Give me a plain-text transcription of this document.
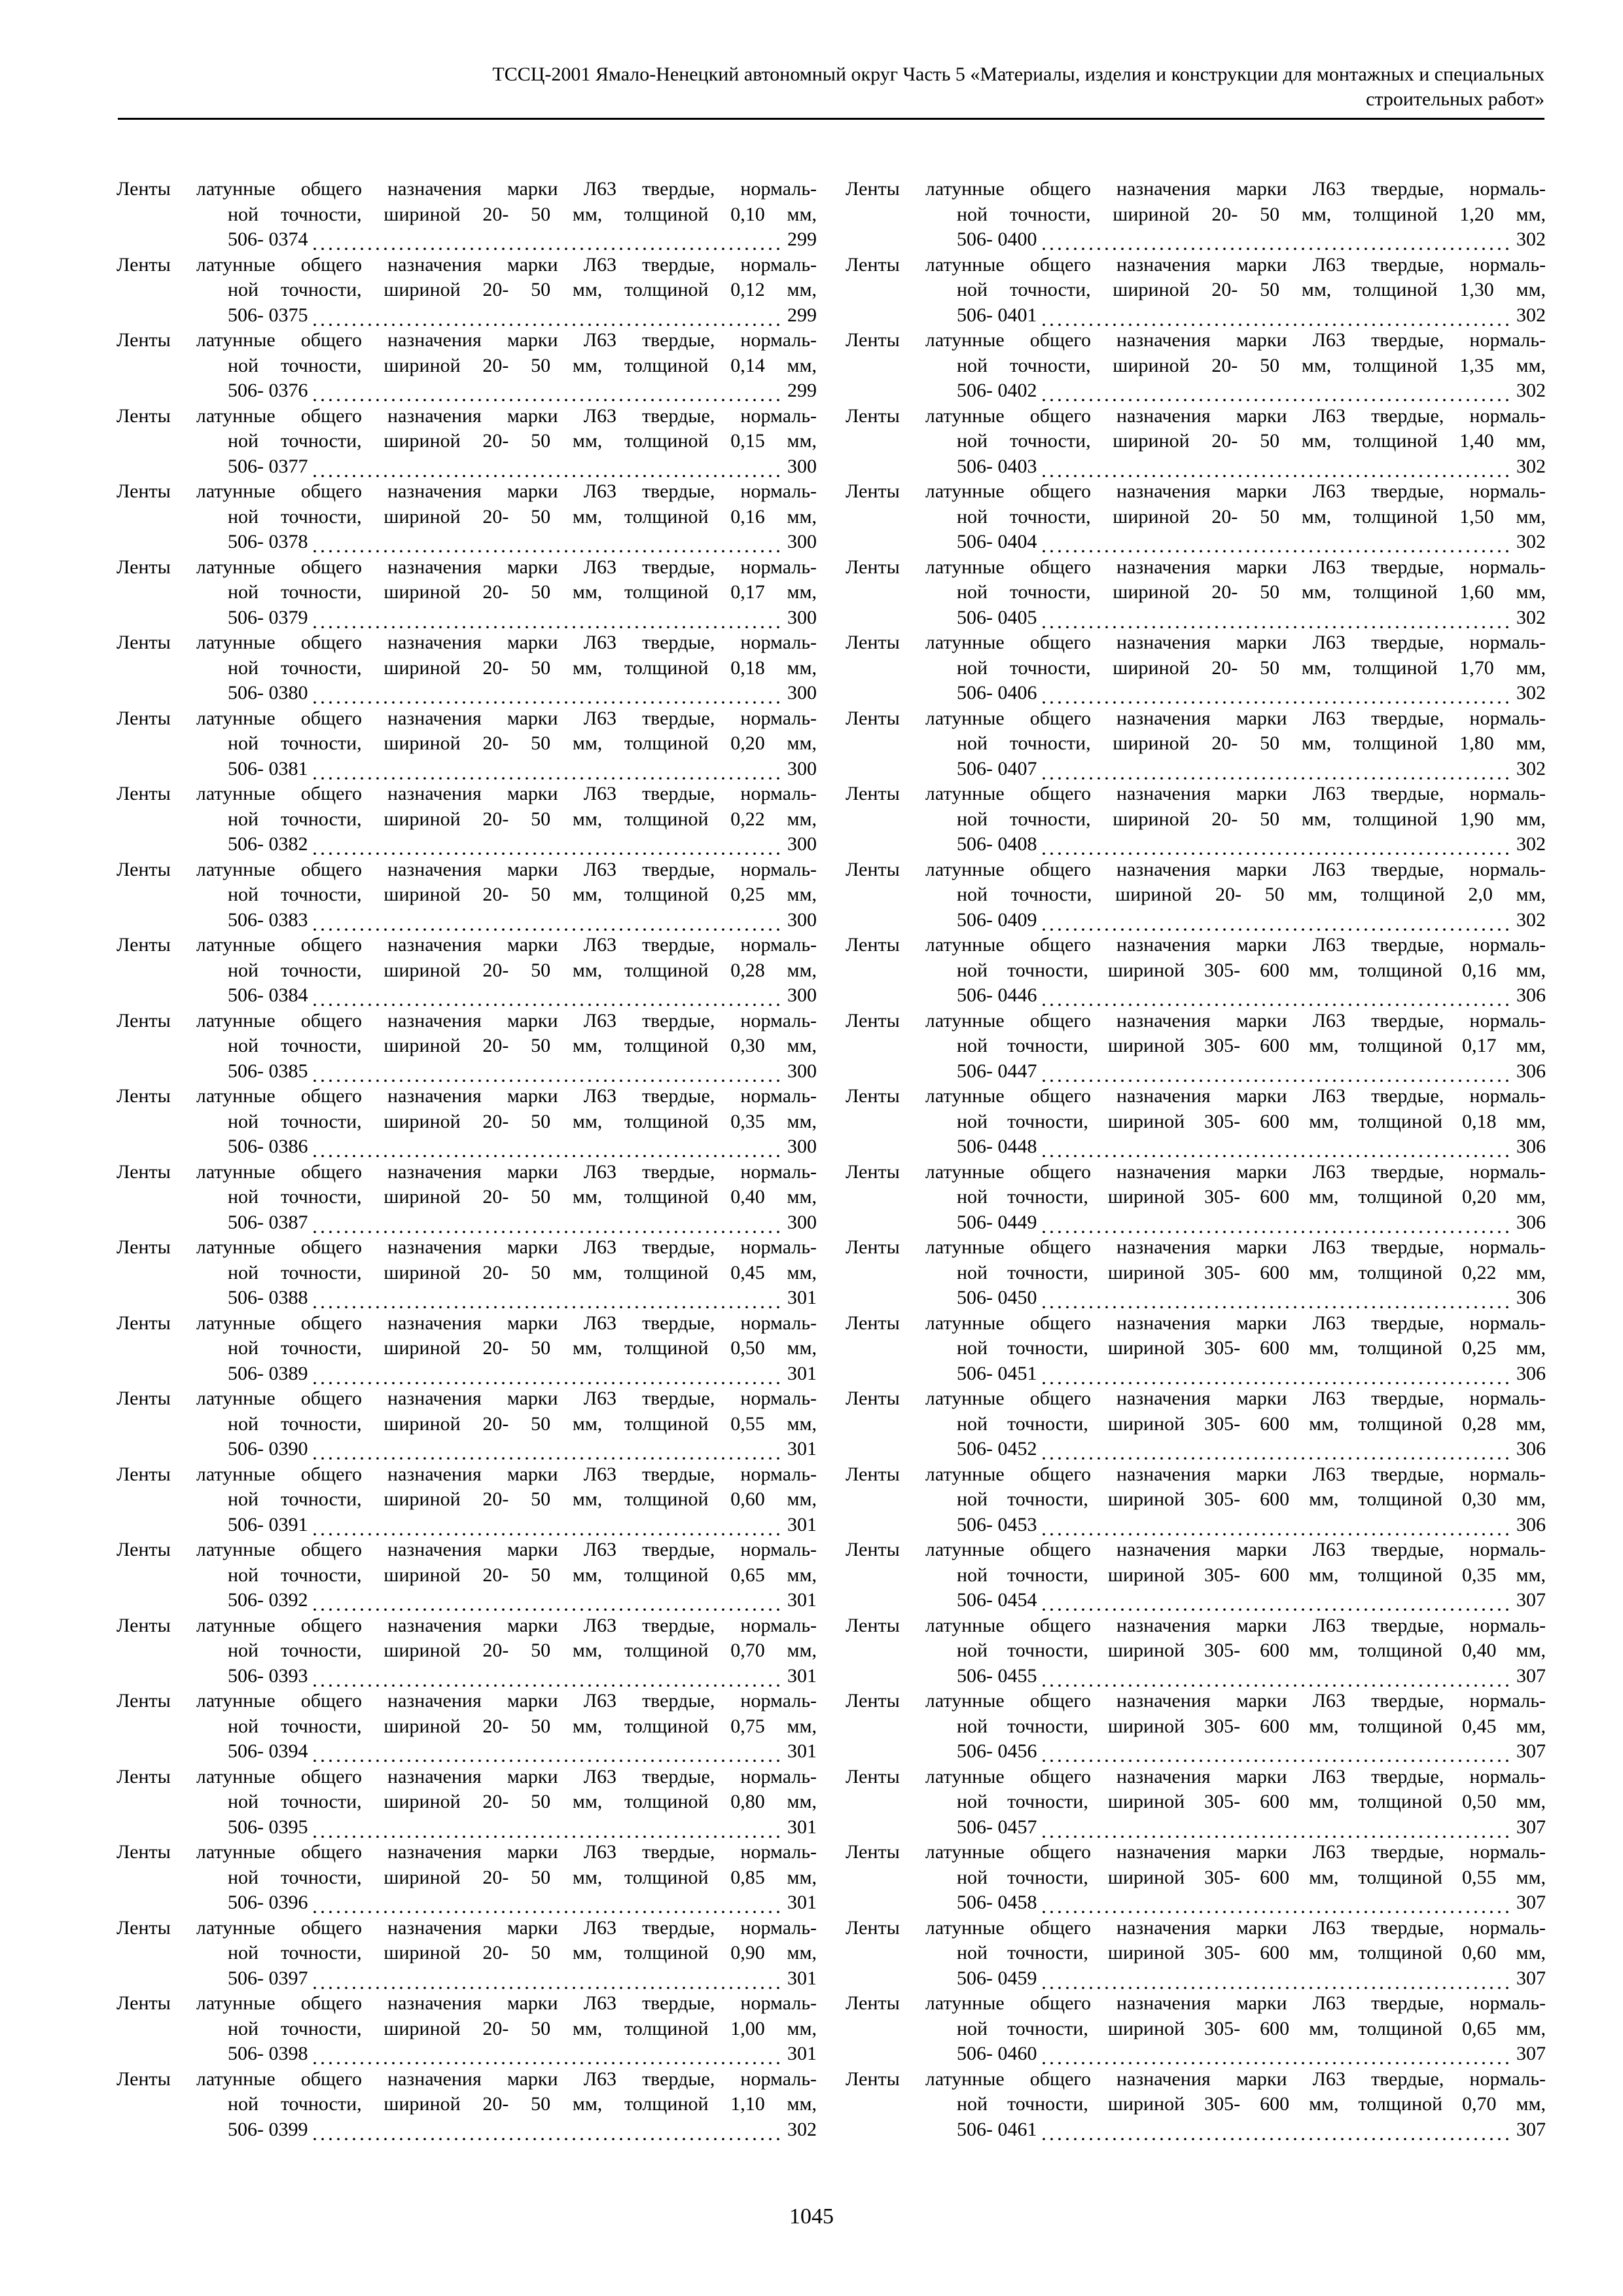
ТССЦ-2001 Ямало-Ненецкий автономный округ Часть 5 «Материалы, изделия и конструкции для монтажных и специальных
строительных работ»
Ленты латунные общего назначения марки Л63 твердые, нормаль-
ной точности, шириной 20- 50 мм, толщиной 0,10 мм,
506- 0374	299
Ленты латунные общего назначения марки Л63 твердые, нормаль-
ной точности, шириной 20- 50 мм, толщиной 0,12 мм,
506- 0375	299
Ленты латунные общего назначения марки Л63 твердые, нормаль-
ной точности, шириной 20- 50 мм, толщиной 0,14 мм,
506- 0376	299
Ленты латунные общего назначения марки Л63 твердые, нормаль-
ной точности, шириной 20- 50 мм, толщиной 0,15 мм,
506- 0377	300
Ленты латунные общего назначения марки Л63 твердые, нормаль-
ной точности, шириной 20- 50 мм, толщиной 0,16 мм,
506- 0378	300
Ленты латунные общего назначения марки Л63 твердые, нормаль-
ной точности, шириной 20- 50 мм, толщиной 0,17 мм,
506- 0379	300
Ленты латунные общего назначения марки Л63 твердые, нормаль-
ной точности, шириной 20- 50 мм, толщиной 0,18 мм,
506- 0380	300
Ленты латунные общего назначения марки Л63 твердые, нормаль-
ной точности, шириной 20- 50 мм, толщиной 0,20 мм,
506- 0381	300
Ленты латунные общего назначения марки Л63 твердые, нормаль-
ной точности, шириной 20- 50 мм, толщиной 0,22 мм,
506- 0382	300
Ленты латунные общего назначения марки Л63 твердые, нормаль-
ной точности, шириной 20- 50 мм, толщиной 0,25 мм,
506- 0383	300
Ленты латунные общего назначения марки Л63 твердые, нормаль-
ной точности, шириной 20- 50 мм, толщиной 0,28 мм,
506- 0384	300
Ленты латунные общего назначения марки Л63 твердые, нормаль-
ной точности, шириной 20- 50 мм, толщиной 0,30 мм,
506- 0385	300
Ленты латунные общего назначения марки Л63 твердые, нормаль-
ной точности, шириной 20- 50 мм, толщиной 0,35 мм,
506- 0386	300
Ленты латунные общего назначения марки Л63 твердые, нормаль-
ной точности, шириной 20- 50 мм, толщиной 0,40 мм,
506- 0387	300
Ленты латунные общего назначения марки Л63 твердые, нормаль-
ной точности, шириной 20- 50 мм, толщиной 0,45 мм,
506- 0388	301
Ленты латунные общего назначения марки Л63 твердые, нормаль-
ной точности, шириной 20- 50 мм, толщиной 0,50 мм,
506- 0389	301
Ленты латунные общего назначения марки Л63 твердые, нормаль-
ной точности, шириной 20- 50 мм, толщиной 0,55 мм,
506- 0390	301
Ленты латунные общего назначения марки Л63 твердые, нормаль-
ной точности, шириной 20- 50 мм, толщиной 0,60 мм,
506- 0391	301
Ленты латунные общего назначения марки Л63 твердые, нормаль-
ной точности, шириной 20- 50 мм, толщиной 0,65 мм,
506- 0392	301
Ленты латунные общего назначения марки Л63 твердые, нормаль-
ной точности, шириной 20- 50 мм, толщиной 0,70 мм,
506- 0393	301
Ленты латунные общего назначения марки Л63 твердые, нормаль-
ной точности, шириной 20- 50 мм, толщиной 0,75 мм,
506- 0394	301
Ленты латунные общего назначения марки Л63 твердые, нормаль-
ной точности, шириной 20- 50 мм, толщиной 0,80 мм,
506- 0395	301
Ленты латунные общего назначения марки Л63 твердые, нормаль-
ной точности, шириной 20- 50 мм, толщиной 0,85 мм,
506- 0396	301
Ленты латунные общего назначения марки Л63 твердые, нормаль-
ной точности, шириной 20- 50 мм, толщиной 0,90 мм,
506- 0397	301
Ленты латунные общего назначения марки Л63 твердые, нормаль-
ной точности, шириной 20- 50 мм, толщиной 1,00 мм,
506- 0398	301
Ленты латунные общего назначения марки Л63 твердые, нормаль-
ной точности, шириной 20- 50 мм, толщиной 1,10 мм,
506- 0399	302
Ленты латунные общего назначения марки Л63 твердые, нормаль-
ной точности, шириной 20- 50 мм, толщиной 1,20 мм,
506- 0400	302
Ленты латунные общего назначения марки Л63 твердые, нормаль-
ной точности, шириной 20- 50 мм, толщиной 1,30 мм,
506- 0401	302
Ленты латунные общего назначения марки Л63 твердые, нормаль-
ной точности, шириной 20- 50 мм, толщиной 1,35 мм,
506- 0402	302
Ленты латунные общего назначения марки Л63 твердые, нормаль-
ной точности, шириной 20- 50 мм, толщиной 1,40 мм,
506- 0403	302
Ленты латунные общего назначения марки Л63 твердые, нормаль-
ной точности, шириной 20- 50 мм, толщиной 1,50 мм,
506- 0404	302
Ленты латунные общего назначения марки Л63 твердые, нормаль-
ной точности, шириной 20- 50 мм, толщиной 1,60 мм,
506- 0405	302
Ленты латунные общего назначения марки Л63 твердые, нормаль-
ной точности, шириной 20- 50 мм, толщиной 1,70 мм,
506- 0406	302
Ленты латунные общего назначения марки Л63 твердые, нормаль-
ной точности, шириной 20- 50 мм, толщиной 1,80 мм,
506- 0407	302
Ленты латунные общего назначения марки Л63 твердые, нормаль-
ной точности, шириной 20- 50 мм, толщиной 1,90 мм,
506- 0408	302
Ленты латунные общего назначения марки Л63 твердые, нормаль-
ной точности, шириной 20- 50 мм, толщиной 2,0 мм,
506- 0409	302
Ленты латунные общего назначения марки Л63 твердые, нормаль-
ной точности, шириной 305- 600 мм, толщиной 0,16 мм,
506- 0446	306
Ленты латунные общего назначения марки Л63 твердые, нормаль-
ной точности, шириной 305- 600 мм, толщиной 0,17 мм,
506- 0447	306
Ленты латунные общего назначения марки Л63 твердые, нормаль-
ной точности, шириной 305- 600 мм, толщиной 0,18 мм,
506- 0448	306
Ленты латунные общего назначения марки Л63 твердые, нормаль-
ной точности, шириной 305- 600 мм, толщиной 0,20 мм,
506- 0449	306
Ленты латунные общего назначения марки Л63 твердые, нормаль-
ной точности, шириной 305- 600 мм, толщиной 0,22 мм,
506- 0450	306
Ленты латунные общего назначения марки Л63 твердые, нормаль-
ной точности, шириной 305- 600 мм, толщиной 0,25 мм,
506- 0451	306
Ленты латунные общего назначения марки Л63 твердые, нормаль-
ной точности, шириной 305- 600 мм, толщиной 0,28 мм,
506- 0452	306
Ленты латунные общего назначения марки Л63 твердые, нормаль-
ной точности, шириной 305- 600 мм, толщиной 0,30 мм,
506- 0453	306
Ленты латунные общего назначения марки Л63 твердые, нормаль-
ной точности, шириной 305- 600 мм, толщиной 0,35 мм,
506- 0454	307
Ленты латунные общего назначения марки Л63 твердые, нормаль-
ной точности, шириной 305- 600 мм, толщиной 0,40 мм,
506- 0455	307
Ленты латунные общего назначения марки Л63 твердые, нормаль-
ной точности, шириной 305- 600 мм, толщиной 0,45 мм,
506- 0456	307
Ленты латунные общего назначения марки Л63 твердые, нормаль-
ной точности, шириной 305- 600 мм, толщиной 0,50 мм,
506- 0457	307
Ленты латунные общего назначения марки Л63 твердые, нормаль-
ной точности, шириной 305- 600 мм, толщиной 0,55 мм,
506- 0458	307
Ленты латунные общего назначения марки Л63 твердые, нормаль-
ной точности, шириной 305- 600 мм, толщиной 0,60 мм,
506- 0459	307
Ленты латунные общего назначения марки Л63 твердые, нормаль-
ной точности, шириной 305- 600 мм, толщиной 0,65 мм,
506- 0460	307
Ленты латунные общего назначения марки Л63 твердые, нормаль-
ной точности, шириной 305- 600 мм, толщиной 0,70 мм,
506- 0461	307
1045
